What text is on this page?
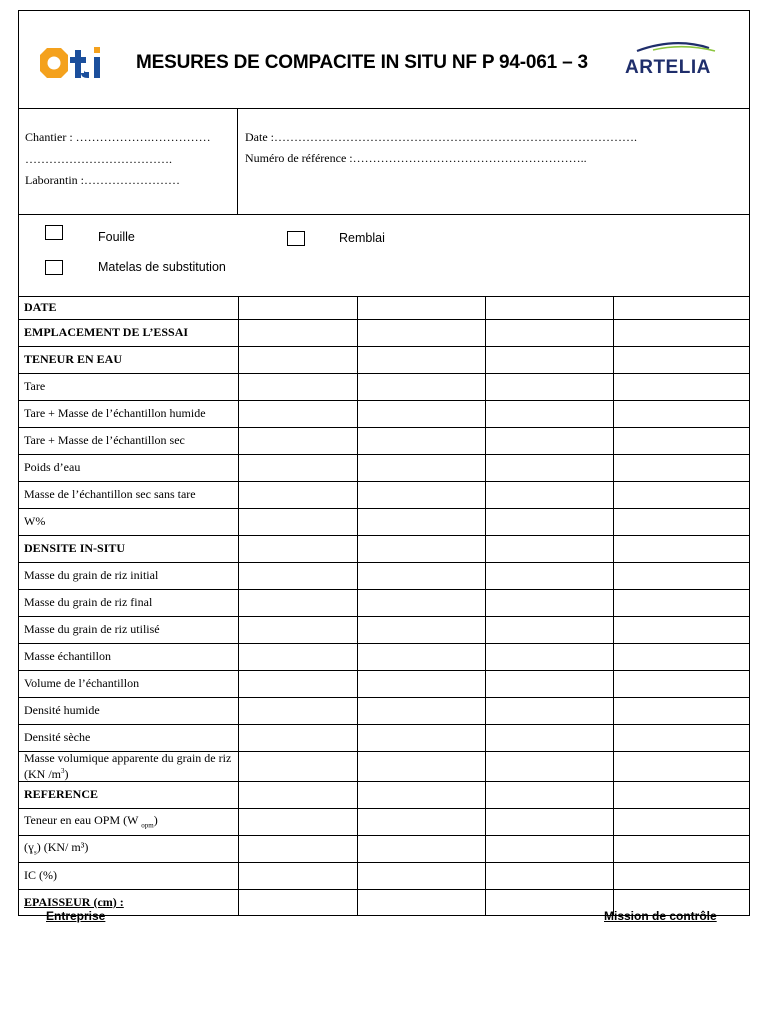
MESURES DE COMPACITE IN SITU NF P 94-061 – 3 ARTELIA
Chantier : ……………….……………
……………………………….
Laborantin :……………………
Date :……………………………………………………………………………….
Numéro de référence :…………………………………………………..
Fouille	Remblai
Matelas de substitution
DATE				
EMPLACEMENT DE L’ESSAI				
TENEUR EN EAU				
Tare				
Tare + Masse de l’échantillon humide				
Tare + Masse de l’échantillon sec				
Poids d’eau				
Masse de l’échantillon sec sans tare				
W%				
DENSITE IN-SITU				
Masse du grain de riz initial				
Masse du grain de riz final				
Masse du grain de riz utilisé				
Masse échantillon				
Volume de l’échantillon				
Densité humide				
Densité sèche				
Masse volumique apparente du grain de riz (KN $/m^3$)				
REFERENCE				
Teneur en eau OPM (W $_{opm}$)				
(ɣ$_s$) (KN/ m³)				
IC (%)				
EPAISSEUR (cm) :				
Entreprise	Mission de contrôle
